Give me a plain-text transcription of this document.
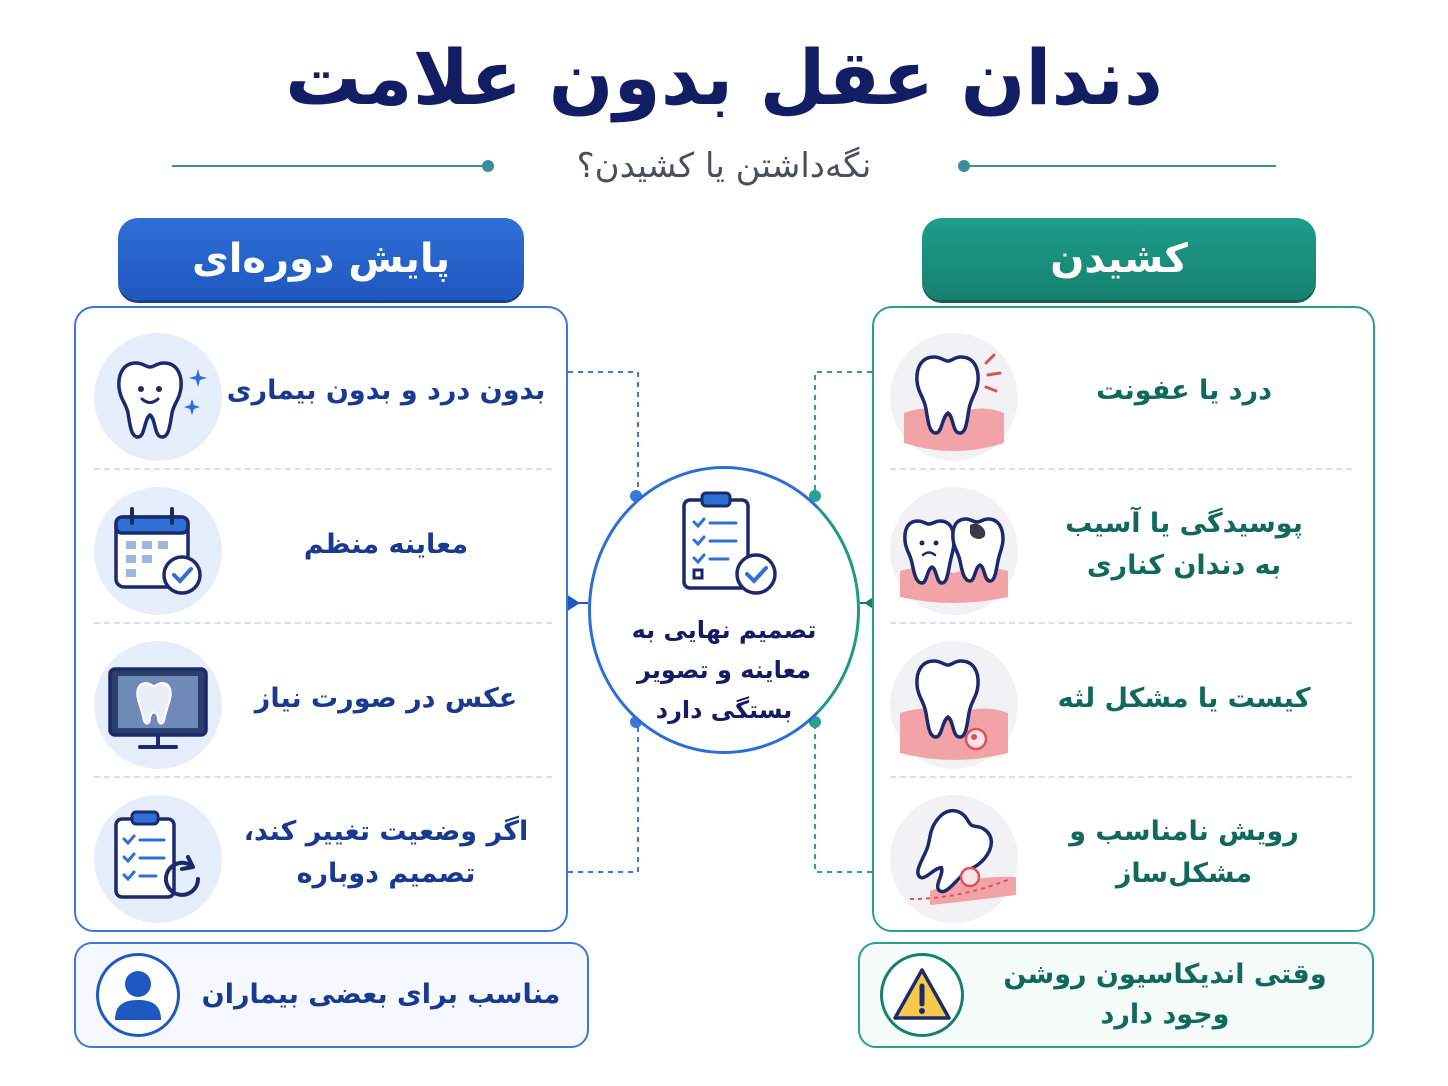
دندان عقل بدون علامت
نگه‌داشتن یا کشیدن؟
پایش دوره‌ای	کشیدن
بدون درد و بدون بیماری
معاینه منظم
عکس در صورت نیاز
اگر وضعیت تغییر کند،
تصمیم دوباره
درد یا عفونت
پوسیدگی یا آسیب
به دندان کناری
کیست یا مشکل لثه
رویش نامناسب و
مشکل‌ساز
تصمیم نهایی به
معاینه و تصویر
بستگی دارد
مناسب برای بعضی بیماران
وقتی اندیکاسیون روشن
وجود دارد
